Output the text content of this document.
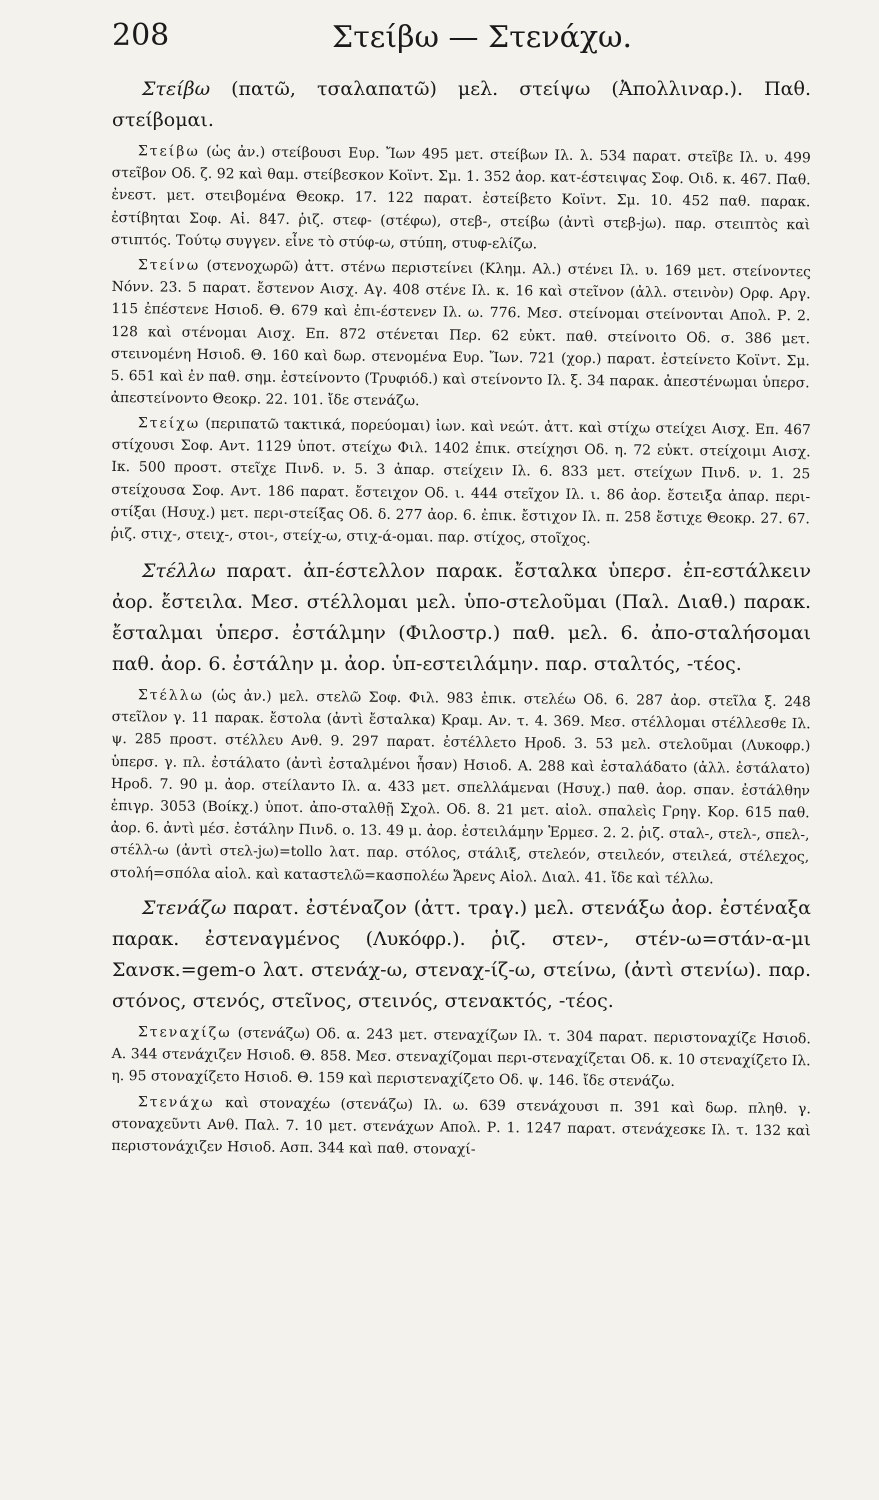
208	Στείβω — Στενάχω.

Στείβω (πατῶ, τσαλαπατῶ) μελ. στείψω (Ἀπολλιναρ.). Παθ. στείβομαι.

Στείβω (ὡς ἀν.) στείβουσι Ευρ. Ἴων 495 μετ. στείβων Ιλ. λ. 534 παρατ. στεῖβε Ιλ. υ. 499 στεῖβον Οδ. ζ. 92 καὶ θαμ. στείβεσκον Κοϊντ. Σμ. 1. 352 ἀορ. κατ-έστειψας Σοφ. Οιδ. κ. 467. Παθ. ἐνεστ. μετ. στειβομένα Θεοκρ. 17. 122 παρατ. ἐστείβετο Κοϊντ. Σμ. 10. 452 παθ. παρακ. ἐστίβηται Σοφ. Αἰ. 847. ῥιζ. στεφ- (στέφω), στεβ-, στείβω (ἀντὶ στεβ-jω). παρ. στειπτὸς καὶ στιπτός. Τούτῳ συγγεν. εἶνε τὸ στύφ-ω, στύπη, στυφ-ελίζω.

Στείνω (στενοχωρῶ) ἀττ. στένω περιστείνει (Κλημ. Αλ.) στένει Ιλ. υ. 169 μετ. στείνοντες Νόνν. 23. 5 παρατ. ἔστενον Αισχ. Αγ. 408 στένε Ιλ. κ. 16 καὶ στεῖνον (ἀλλ. στεινὸν) Ορφ. Αργ. 115 ἐπέστενε Ησιοδ. Θ. 679 καὶ ἐπι-έστενεν Ιλ. ω. 776. Μεσ. στείνομαι στείνονται Απολ. Ρ. 2. 128 καὶ στένομαι Αισχ. Επ. 872 στένεται Περ. 62 εὐκτ. παθ. στείνοιτο Οδ. σ. 386 μετ. στεινομένη Ησιοδ. Θ. 160 καὶ δωρ. στενομένα Ευρ. Ἴων. 721 (χορ.) παρατ. ἐστείνετο Κοϊντ. Σμ. 5. 651 καὶ ἐν παθ. σημ. ἐστείνοντο (Τρυφιόδ.) καὶ στείνοντο Ιλ. ξ. 34 παρακ. ἀπεστένωμαι ὑπερσ. ἀπεστείνοντο Θεοκρ. 22. 101. ἴδε στενάζω.

Στείχω (περιπατῶ τακτικά, πορεύομαι) ἰων. καὶ νεώτ. ἀττ. καὶ στίχω στείχει Αισχ. Επ. 467 στίχουσι Σοφ. Αντ. 1129 ὑποτ. στείχω Φιλ. 1402 ἐπικ. στείχησι Οδ. η. 72 εὐκτ. στείχοιμι Αισχ. Ικ. 500 προστ. στεῖχε Πινδ. ν. 5. 3 ἀπαρ. στείχειν Ιλ. 6. 833 μετ. στείχων Πινδ. ν. 1. 25 στείχουσα Σοφ. Αντ. 186 παρατ. ἔστειχον Οδ. ι. 444 στεῖχον Ιλ. ι. 86 ἀορ. ἔστειξα ἀπαρ. περι-στίξαι (Ησυχ.) μετ. περι-στείξας Οδ. δ. 277 ἀορ. 6. ἐπικ. ἔστιχον Ιλ. π. 258 ἔστιχε Θεοκρ. 27. 67. ῥιζ. στιχ-, στειχ-, στοι-, στείχ-ω, στιχ-ά-ομαι. παρ. στίχος, στοῖχος.

Στέλλω παρατ. ἀπ-έστελλον παρακ. ἔσταλκα ὑπερσ. ἐπ-εστάλκειν ἀορ. ἔστειλα. Μεσ. στέλλομαι μελ. ὑπο-στελοῦμαι (Παλ. Διαθ.) παρακ. ἔσταλμαι ὑπερσ. ἐστάλμην (Φιλοστρ.) παθ. μελ. 6. ἀπο-σταλήσομαι παθ. ἀορ. 6. ἐστάλην μ. ἀορ. ὑπ-εστειλάμην. παρ. σταλτός, -τέος.

Στέλλω (ὡς ἀν.) μελ. στελῶ Σοφ. Φιλ. 983 ἐπικ. στελέω Οδ. 6. 287 ἀορ. στεῖλα ξ. 248 στεῖλον γ. 11 παρακ. ἔστολα (ἀντὶ ἔσταλκα) Κραμ. Αν. τ. 4. 369. Μεσ. στέλλομαι στέλλεσθε Ιλ. ψ. 285 προστ. στέλλευ Ανθ. 9. 297 παρατ. ἐστέλλετο Ηροδ. 3. 53 μελ. στελοῦμαι (Λυκοφρ.) ὑπερσ. γ. πλ. ἐστάλατο (ἀντὶ ἐσταλμένοι ἦσαν) Ησιοδ. Α. 288 καὶ ἐσταλάδατο (ἀλλ. ἐστάλατο) Ηροδ. 7. 90 μ. ἀορ. στείλαντο Ιλ. α. 433 μετ. σπελλάμεναι (Ησυχ.) παθ. ἀορ. σπαν. ἐστάλθην ἐπιγρ. 3053 (Βοίκχ.) ὑποτ. ἀπο-σταλθῇ Σχολ. Οδ. 8. 21 μετ. αἰολ. σπαλεὶς Γρηγ. Κορ. 615 παθ. ἀορ. 6. ἀντὶ μέσ. ἐστάλην Πινδ. ο. 13. 49 μ. ἀορ. ἐστειλάμην Ἑρμεσ. 2. 2. ῥιζ. σταλ-, στελ-, σπελ-, στέλλ-ω (ἀντὶ στελ-jω)=tollo λατ. παρ. στόλος, στάλιξ, στελεόν, στειλεόν, στειλεά, στέλεχος, στολή=σπόλα αἰολ. καὶ καταστελῶ=κασπολέω Ἄρενς Αἰολ. Διαλ. 41. ἴδε καὶ τέλλω.

Στενάζω παρατ. ἐστέναζον (ἀττ. τραγ.) μελ. στενάξω ἀορ. ἐστέναξα παρακ. ἐστεναγμένος (Λυκόφρ.). ῥιζ. στεν-, στέν-ω=στάν-α-μι Σανσκ.=gem-o λατ. στενάχ-ω, στεναχ-ίζ-ω, στείνω, (ἀντὶ στενίω). παρ. στόνος, στενός, στεῖνος, στεινός, στενακτός, -τέος.

Στεναχίζω (στενάζω) Οδ. α. 243 μετ. στεναχίζων Ιλ. τ. 304 παρατ. περιστοναχίζε Ησιοδ. Α. 344 στενάχιζεν Ησιοδ. Θ. 858. Μεσ. στεναχίζομαι περι-στεναχίζεται Οδ. κ. 10 στεναχίζετο Ιλ. η. 95 στοναχίζετο Ησιοδ. Θ. 159 καὶ περιστεναχίζετο Οδ. ψ. 146. ἴδε στενάζω.

Στενάχω καὶ στοναχέω (στενάζω) Ιλ. ω. 639 στενάχουσι π. 391 καὶ δωρ. πληθ. γ. στοναχεῦντι Ανθ. Παλ. 7. 10 μετ. στενάχων Απολ. Ρ. 1. 1247 παρατ. στενάχεσκε Ιλ. τ. 132 καὶ περιστονάχιζεν Ησιοδ. Ασπ. 344 καὶ παθ. στοναχί-
